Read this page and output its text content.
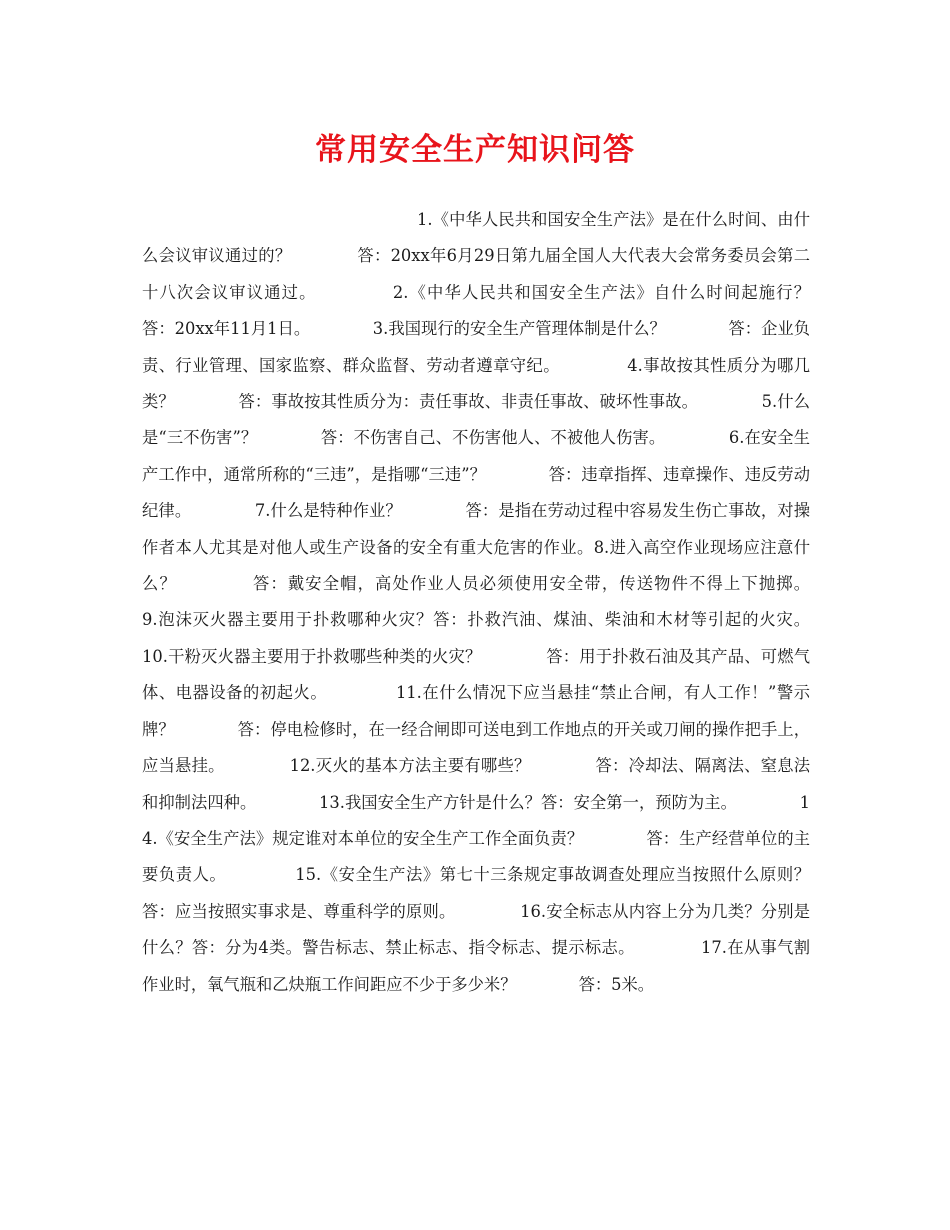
常用安全生产知识问答

1.《中华人民共和国安全生产法》是在什么时间、由什么会议审议通过的？            答：20xx年6月29日第九届全国人大代表大会常务委员会第二十八次会议审议通过。            2.《中华人民共和国安全生产法》自什么时间起施行？            答：20xx年11月1日。            3.我国现行的安全生产管理体制是什么？            答：企业负责、行业管理、国家监察、群众监督、劳动者遵章守纪。            4.事故按其性质分为哪几类？            答：事故按其性质分为：责任事故、非责任事故、破坏性事故。            5.什么是“三不伤害”？            答：不伤害自己、不伤害他人、不被他人伤害。            6.在安全生产工作中，通常所称的“三违”，是指哪“三违”？            答：违章指挥、违章操作、违反劳动纪律。            7.什么是特种作业？            答：是指在劳动过程中容易发生伤亡事故，对操作者本人尤其是对他人或生产设备的安全有重大危害的作业。8.进入高空作业现场应注意什么？            答：戴安全帽，高处作业人员必须使用安全带，传送物件不得上下抛掷。            9.泡沫灭火器主要用于扑救哪种火灾？答：扑救汽油、煤油、柴油和木材等引起的火灾。            10.干粉灭火器主要用于扑救哪些种类的火灾？            答：用于扑救石油及其产品、可燃气体、电器设备的初起火。            11.在什么情况下应当悬挂“禁止合闸，有人工作！”警示牌？            答：停电检修时，在一经合闸即可送电到工作地点的开关或刀闸的操作把手上，应当悬挂。            12.灭火的基本方法主要有哪些？            答：冷却法、隔离法、窒息法和抑制法四种。            13.我国安全生产方针是什么？答：安全第一，预防为主。            14.《安全生产法》规定谁对本单位的安全生产工作全面负责？            答：生产经营单位的主要负责人。            15.《安全生产法》第七十三条规定事故调查处理应当按照什么原则？            答：应当按照实事求是、尊重科学的原则。            16.安全标志从内容上分为几类？分别是什么？答：分为4类。警告标志、禁止标志、指令标志、提示标志。            17.在从事气割作业时，氧气瓶和乙炔瓶工作间距应不少于多少米？            答：5米。
